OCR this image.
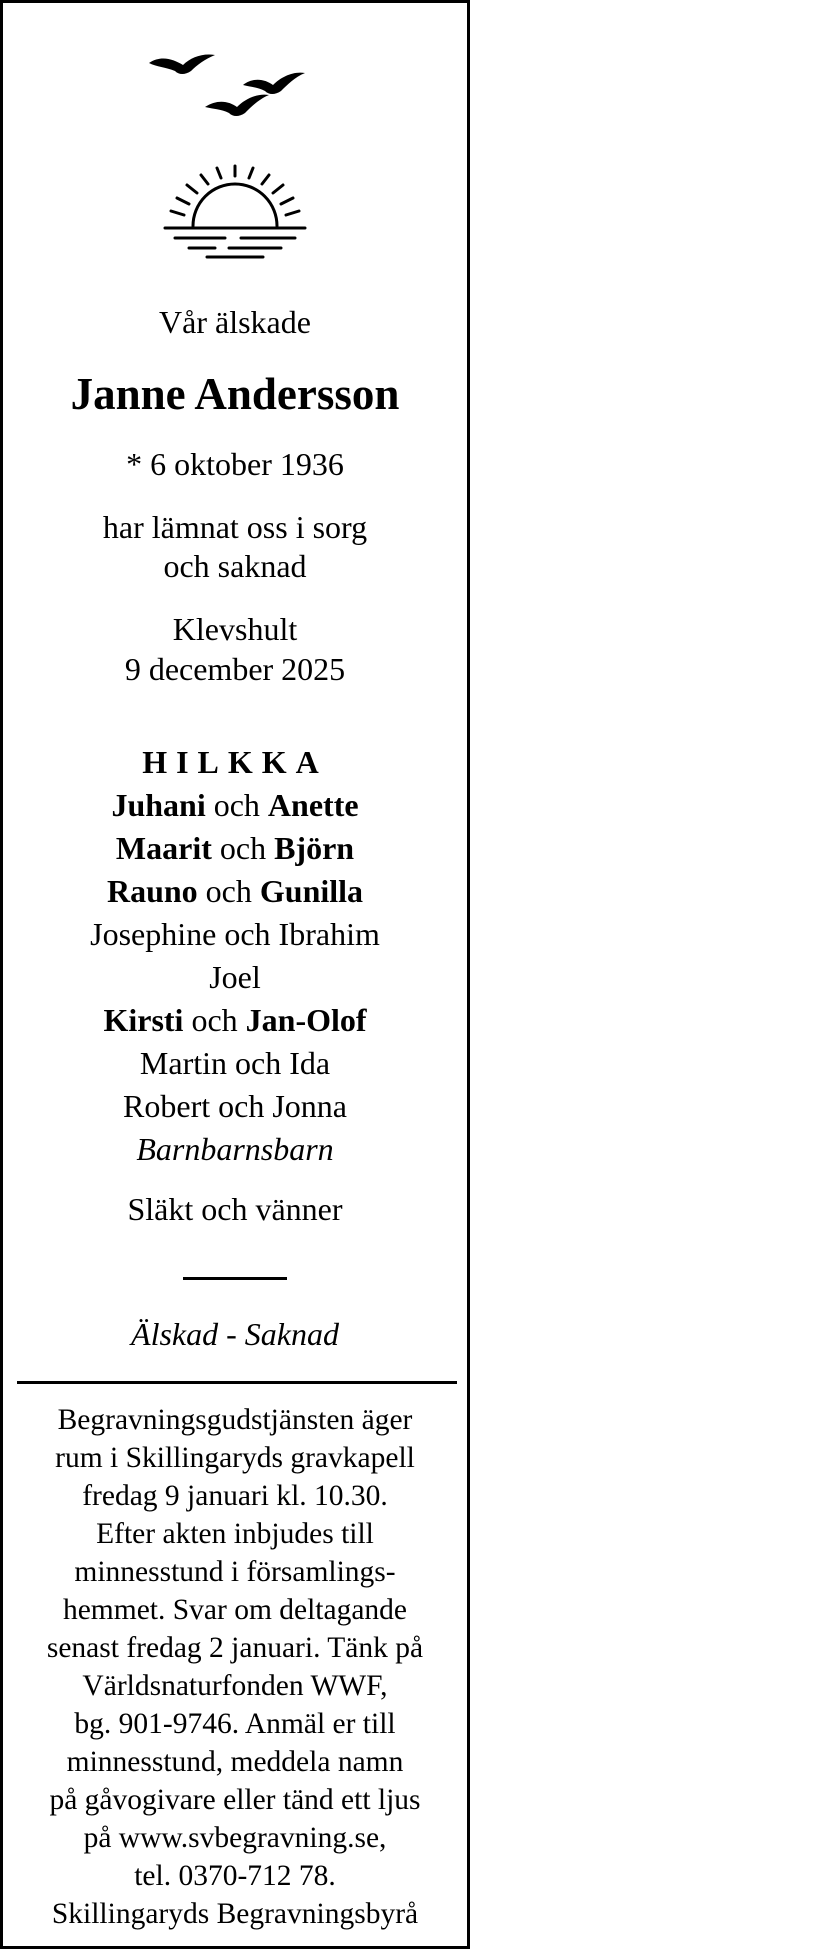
Vår älskade
Janne Andersson
* 6 oktober 1936
har lämnat oss i sorg
och saknad
Klevshult
9 december 2025
HILKKA
Juhani och Anette
Maarit och Björn
Rauno och Gunilla
Josephine och Ibrahim
Joel
Kirsti och Jan-Olof
Martin och Ida
Robert och Jonna
Barnbarnsbarn
Släkt och vänner
Älskad - Saknad
Begravningsgudstjänsten äger
rum i Skillingaryds gravkapell
fredag 9 januari kl. 10.30.
Efter akten inbjudes till
minnesstund i församlings-
hemmet. Svar om deltagande
senast fredag 2 januari. Tänk på
Världsnaturfonden WWF,
bg. 901-9746. Anmäl er till
minnesstund, meddela namn
på gåvogivare eller tänd ett ljus
på www.svbegravning.se,
tel. 0370-712 78.
Skillingaryds Begravningsbyrå
